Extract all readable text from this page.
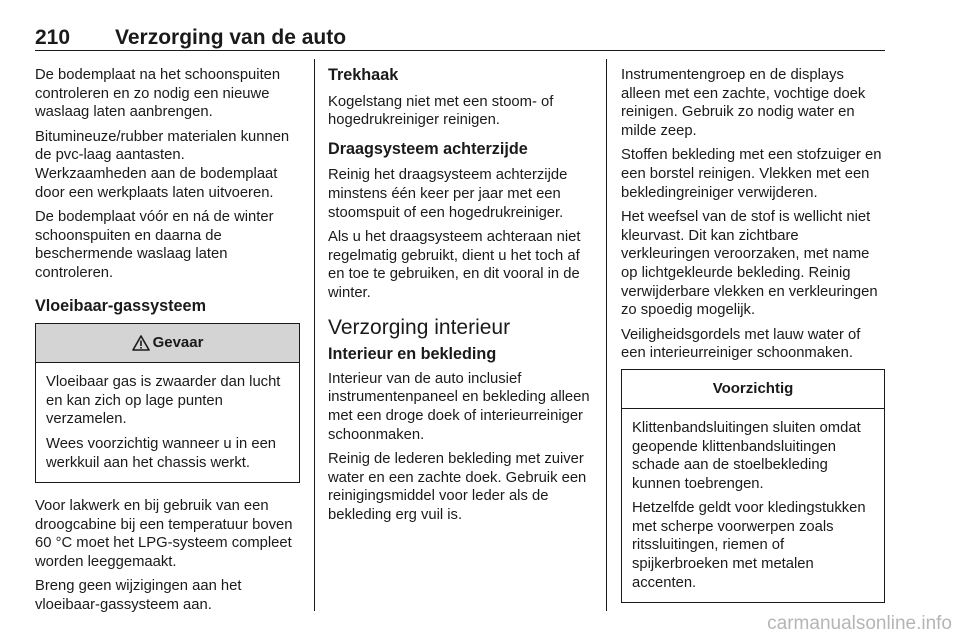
210 Verzorging van de auto

De bodemplaat na het schoonspuiten controleren en zo nodig een nieuwe waslaag laten aanbrengen.

Bitumineuze/rubber materialen kunnen de pvc-laag aantasten. Werkzaamheden aan de bodemplaat door een werkplaats laten uitvoeren.

De bodemplaat vóór en ná de winter schoonspuiten en daarna de beschermende waslaag laten controleren.

Vloeibaar-gassysteem
Gevaar

Vloeibaar gas is zwaarder dan lucht en kan zich op lage punten verzamelen.

Wees voorzichtig wanneer u in een werkkuil aan het chassis werkt.

Voor lakwerk en bij gebruik van een droogcabine bij een temperatuur boven 60 °C moet het LPG-systeem compleet worden leeggemaakt.

Breng geen wijzigingen aan het vloeibaar-gassysteem aan.

Trekhaak

Kogelstang niet met een stoom- of hogedrukreiniger reinigen.

Draagsysteem achterzijde

Reinig het draagsysteem achterzijde minstens één keer per jaar met een stoomspuit of een hogedrukreiniger.

Als u het draagsysteem achteraan niet regelmatig gebruikt, dient u het toch af en toe te gebruiken, en dit vooral in de winter.

Verzorging interieur
Interieur en bekleding

Interieur van de auto inclusief instrumentenpaneel en bekleding alleen met een droge doek of interieurreiniger schoonmaken.

Reinig de lederen bekleding met zuiver water en een zachte doek. Gebruik een reinigingsmiddel voor leder als de bekleding erg vuil is.

Instrumentengroep en de displays alleen met een zachte, vochtige doek reinigen. Gebruik zo nodig water en milde zeep.

Stoffen bekleding met een stofzuiger en een borstel reinigen. Vlekken met een bekledingreiniger verwijderen.

Het weefsel van de stof is wellicht niet kleurvast. Dit kan zichtbare verkleuringen veroorzaken, met name op lichtgekleurde bekleding. Reinig verwijderbare vlekken en verkleuringen zo spoedig mogelijk.

Veiligheidsgordels met lauw water of een interieurreiniger schoonmaken.

Voorzichtig

Klittenbandsluitingen sluiten omdat geopende klittenbandsluitingen schade aan de stoelbekleding kunnen toebrengen.

Hetzelfde geldt voor kledingstukken met scherpe voorwerpen zoals ritssluitingen, riemen of spijkerbroeken met metalen accenten.

carmanualsonline.info
